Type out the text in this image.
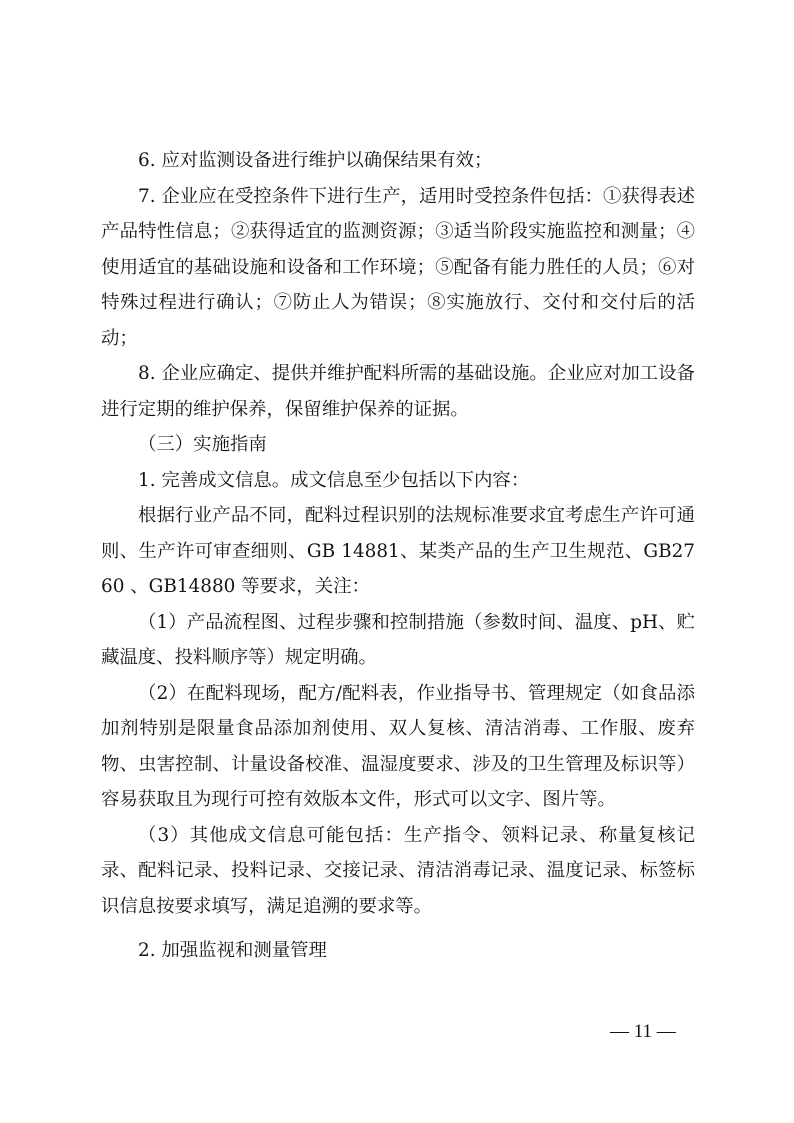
6. 应对监测设备进行维护以确保结果有效；

7. 企业应在受控条件下进行生产，适用时受控条件包括：①获得表述产品特性信息；②获得适宜的监测资源；③适当阶段实施监控和测量；④使用适宜的基础设施和设备和工作环境；⑤配备有能力胜任的人员；⑥对特殊过程进行确认；⑦防止人为错误；⑧实施放行、交付和交付后的活动；

8. 企业应确定、提供并维护配料所需的基础设施。企业应对加工设备进行定期的维护保养，保留维护保养的证据。

（三）实施指南

1. 完善成文信息。成文信息至少包括以下内容：

根据行业产品不同，配料过程识别的法规标准要求宜考虑生产许可通则、生产许可审查细则、GB 14881、某类产品的生产卫生规范、GB2760 、GB14880 等要求，关注：

（1）产品流程图、过程步骤和控制措施（参数时间、温度、pH、贮藏温度、投料顺序等）规定明确。

（2）在配料现场，配方/配料表，作业指导书、管理规定（如食品添加剂特别是限量食品添加剂使用、双人复核、清洁消毒、工作服、废弃物、虫害控制、计量设备校准、温湿度要求、涉及的卫生管理及标识等）容易获取且为现行可控有效版本文件，形式可以文字、图片等。

（3）其他成文信息可能包括：生产指令、领料记录、称量复核记录、配料记录、投料记录、交接记录、清洁消毒记录、温度记录、标签标识信息按要求填写，满足追溯的要求等。

2. 加强监视和测量管理

— 11 —
